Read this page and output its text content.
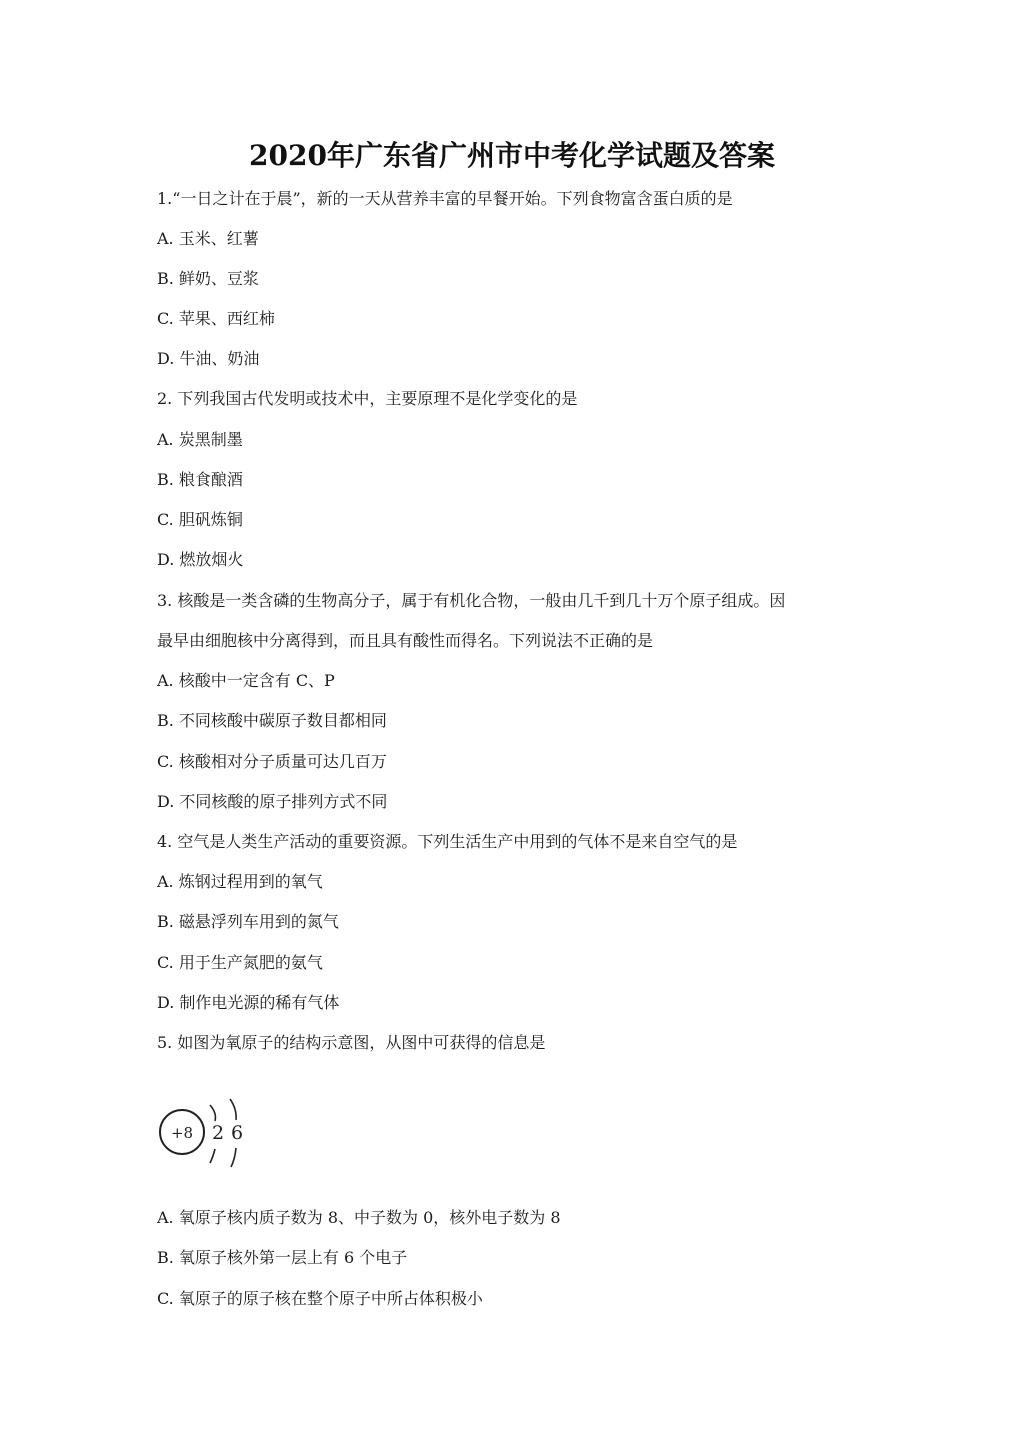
2020年广东省广州市中考化学试题及答案
1.“一日之计在于晨”，新的一天从营养丰富的早餐开始。下列食物富含蛋白质的是
A. 玉米、红薯
B. 鲜奶、豆浆
C. 苹果、西红柿
D. 牛油、奶油
2. 下列我国古代发明或技术中，主要原理不是化学变化的是
A. 炭黑制墨
B. 粮食酿酒
C. 胆矾炼铜
D. 燃放烟火
3. 核酸是一类含磷的生物高分子，属于有机化合物，一般由几千到几十万个原子组成。因
最早由细胞核中分离得到，而且具有酸性而得名。下列说法不正确的是
A. 核酸中一定含有 C、P
B. 不同核酸中碳原子数目都相同
C. 核酸相对分子质量可达几百万
D. 不同核酸的原子排列方式不同
4. 空气是人类生产活动的重要资源。下列生活生产中用到的气体不是来自空气的是
A. 炼钢过程用到的氧气
B. 磁悬浮列车用到的氮气
C. 用于生产氮肥的氨气
D. 制作电光源的稀有气体
5. 如图为氧原子的结构示意图，从图中可获得的信息是
+8 2 6
A. 氧原子核内质子数为 8、中子数为 0，核外电子数为 8
B. 氧原子核外第一层上有 6 个电子
C. 氧原子的原子核在整个原子中所占体积极小
